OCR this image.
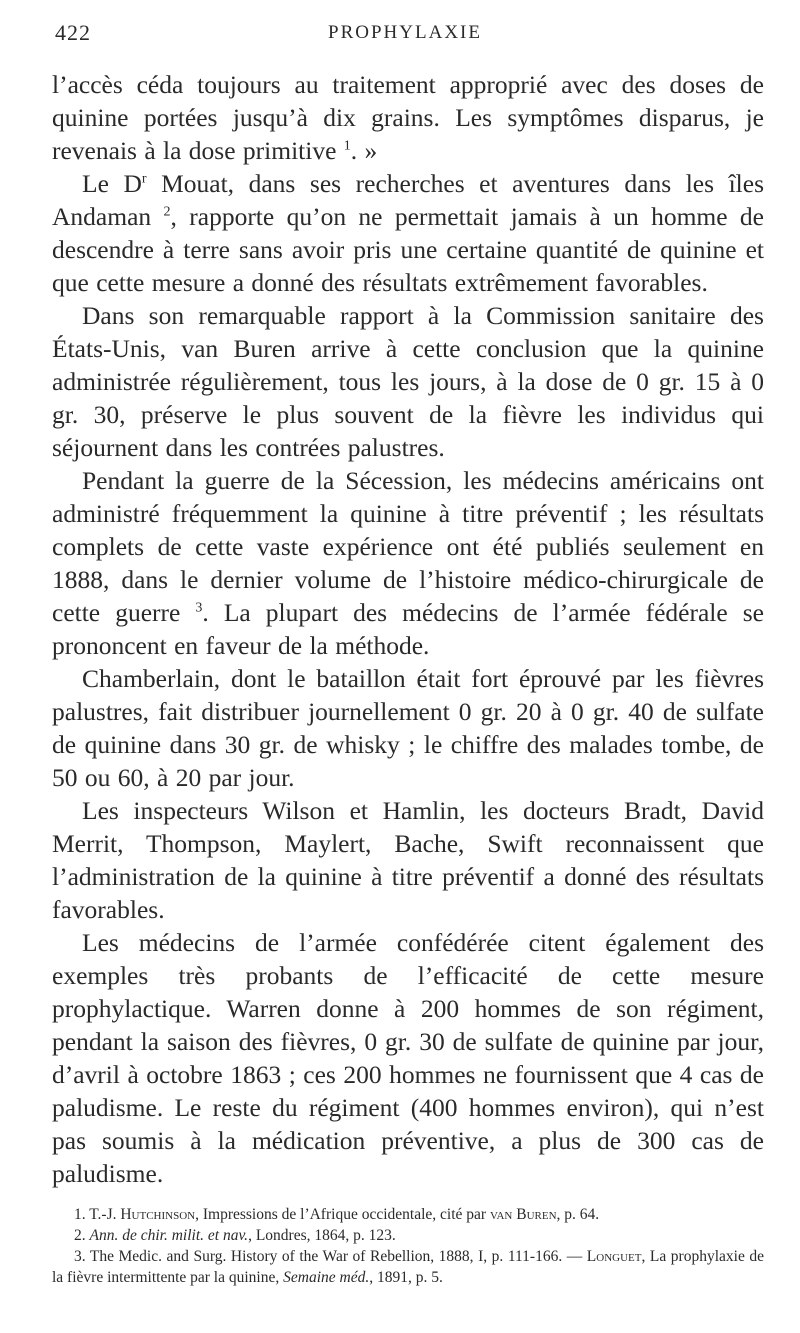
422	PROPHYLAXIE

l’accès céda toujours au traitement approprié avec des doses de quinine portées jusqu’à dix grains. Les symptômes disparus, je revenais à la dose primitive $^1$. »

Le $D^r$ Mouat, dans ses recherches et aventures dans les îles Andaman $^2$, rapporte qu’on ne permettait jamais à un homme de descendre à terre sans avoir pris une certaine quantité de quinine et que cette mesure a donné des résultats extrêmement favorables.

Dans son remarquable rapport à la Commission sanitaire des États-Unis, van Buren arrive à cette conclusion que la quinine administrée régulièrement, tous les jours, à la dose de 0 gr. 15 à 0 gr. 30, préserve le plus souvent de la fièvre les individus qui séjournent dans les contrées palustres.

Pendant la guerre de la Sécession, les médecins américains ont administré fréquemment la quinine à titre préventif ; les résultats complets de cette vaste expérience ont été publiés seulement en 1888, dans le dernier volume de l’histoire médico-chirurgicale de cette guerre $^3$. La plupart des médecins de l’armée fédérale se prononcent en faveur de la méthode.

Chamberlain, dont le bataillon était fort éprouvé par les fièvres palustres, fait distribuer journellement 0 gr. 20 à 0 gr. 40 de sulfate de quinine dans 30 gr. de whisky ; le chiffre des malades tombe, de 50 ou 60, à 20 par jour.

Les inspecteurs Wilson et Hamlin, les docteurs Bradt, David Merrit, Thompson, Maylert, Bache, Swift reconnaissent que l’administration de la quinine à titre préventif a donné des résultats favorables.

Les médecins de l’armée confédérée citent également des exemples très probants de l’efficacité de cette mesure prophylactique. Warren donne à 200 hommes de son régiment, pendant la saison des fièvres, 0 gr. 30 de sulfate de quinine par jour, d’avril à octobre 1863 ; ces 200 hommes ne fournissent que 4 cas de paludisme. Le reste du régiment (400 hommes environ), qui n’est pas soumis à la médication préventive, a plus de 300 cas de paludisme.

1. T.-J. Hutchinson, Impressions de l’Afrique occidentale, cité par van Buren, p. 64.

2. Ann. de chir. milit. et nav., Londres, 1864, p. 123.

3. The Medic. and Surg. History of the War of Rebellion, 1888, I, p. 111-166. — Longuet, La prophylaxie de la fièvre intermittente par la quinine, Semaine méd., 1891, p. 5.
